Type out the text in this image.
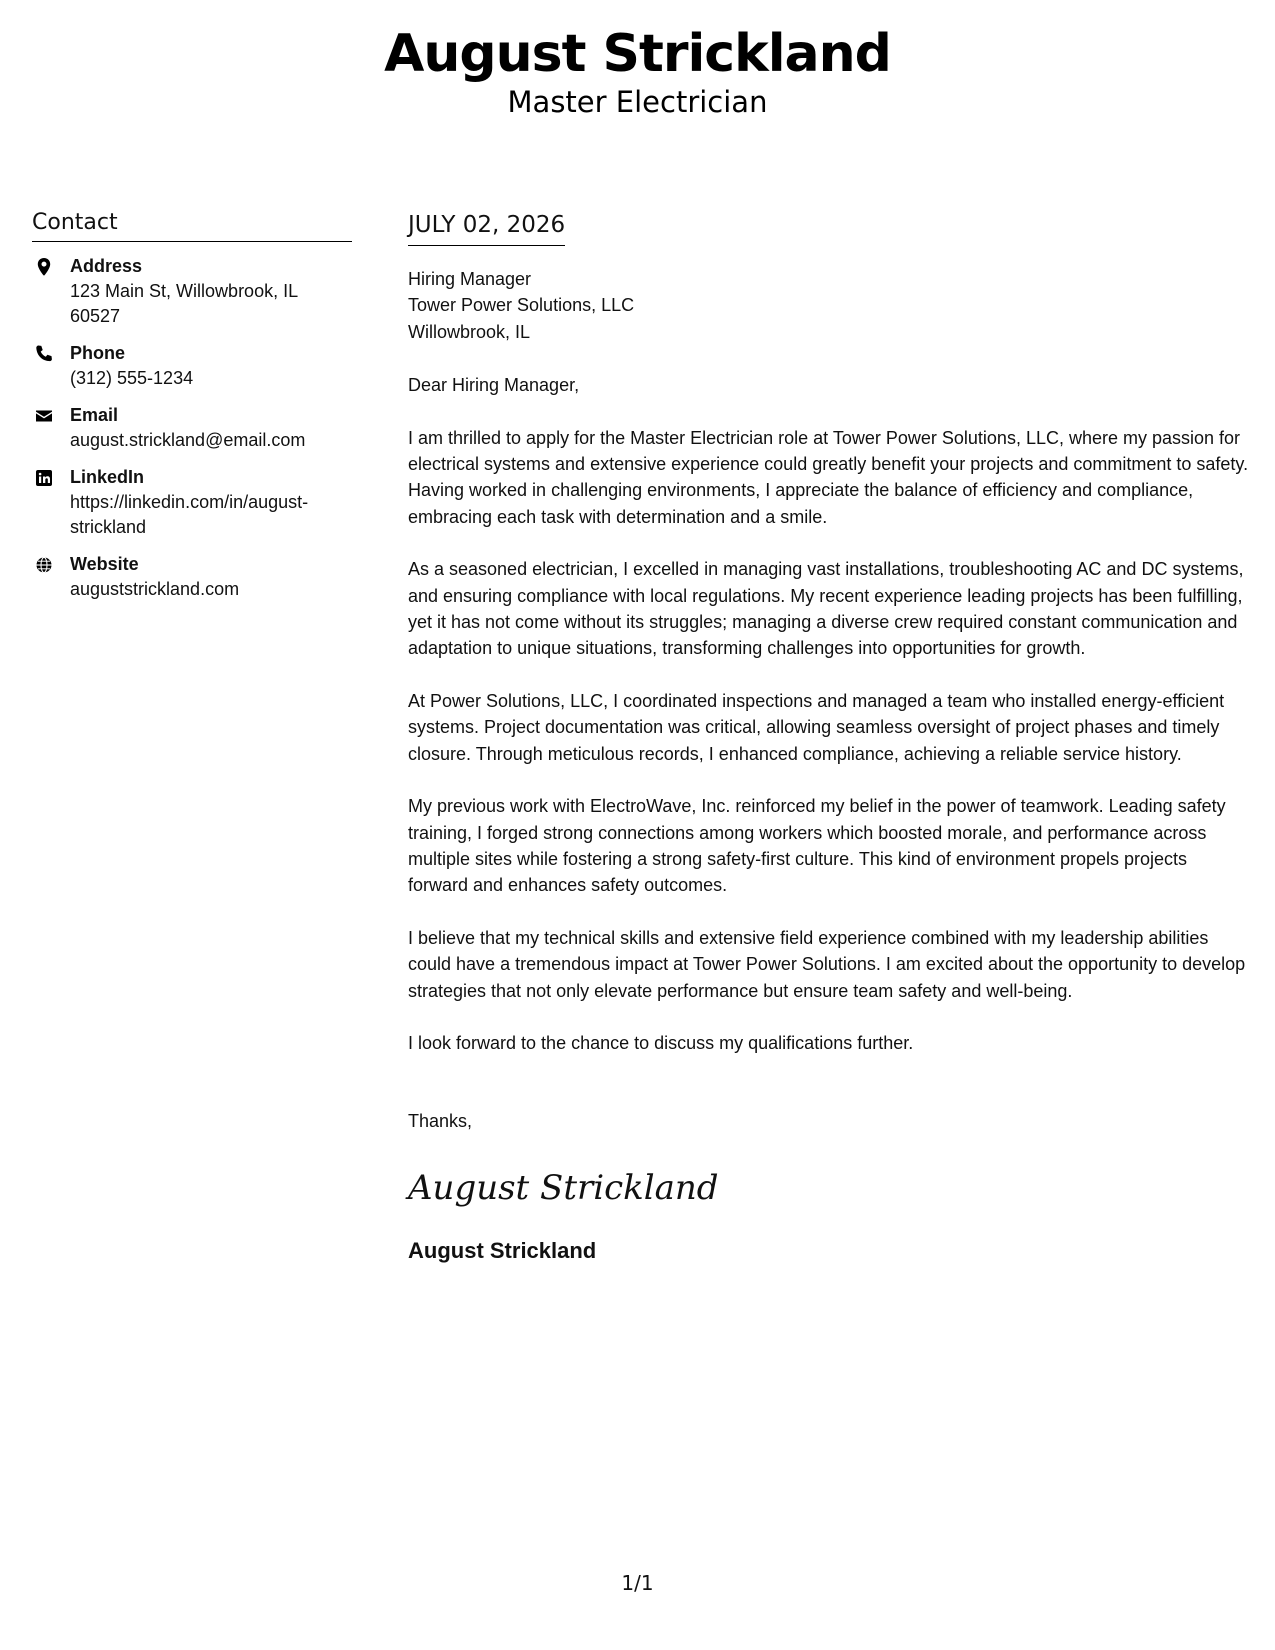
August Strickland
Master Electrician
Contact
Address
123 Main St, Willowbrook, IL 60527
Phone
(312) 555-1234
Email
august.strickland@email.com
LinkedIn
https://linkedin.com/in/august-strickland
Website
auguststrickland.com
JULY 02, 2026
Hiring Manager
Tower Power Solutions, LLC
Willowbrook, IL
Dear Hiring Manager,
I am thrilled to apply for the Master Electrician role at Tower Power Solutions, LLC, where my passion for electrical systems and extensive experience could greatly benefit your projects and commitment to safety. Having worked in challenging environments, I appreciate the balance of efficiency and compliance, embracing each task with determination and a smile.
As a seasoned electrician, I excelled in managing vast installations, troubleshooting AC and DC systems, and ensuring compliance with local regulations. My recent experience leading projects has been fulfilling, yet it has not come without its struggles; managing a diverse crew required constant communication and adaptation to unique situations, transforming challenges into opportunities for growth.
At Power Solutions, LLC, I coordinated inspections and managed a team who installed energy-efficient systems. Project documentation was critical, allowing seamless oversight of project phases and timely closure. Through meticulous records, I enhanced compliance, achieving a reliable service history.
My previous work with ElectroWave, Inc. reinforced my belief in the power of teamwork. Leading safety training, I forged strong connections among workers which boosted morale, and performance across multiple sites while fostering a strong safety-first culture. This kind of environment propels projects forward and enhances safety outcomes.
I believe that my technical skills and extensive field experience combined with my leadership abilities could have a tremendous impact at Tower Power Solutions. I am excited about the opportunity to develop strategies that not only elevate performance but ensure team safety and well-being.
I look forward to the chance to discuss my qualifications further.
Thanks,
August Strickland
August Strickland
1/1
